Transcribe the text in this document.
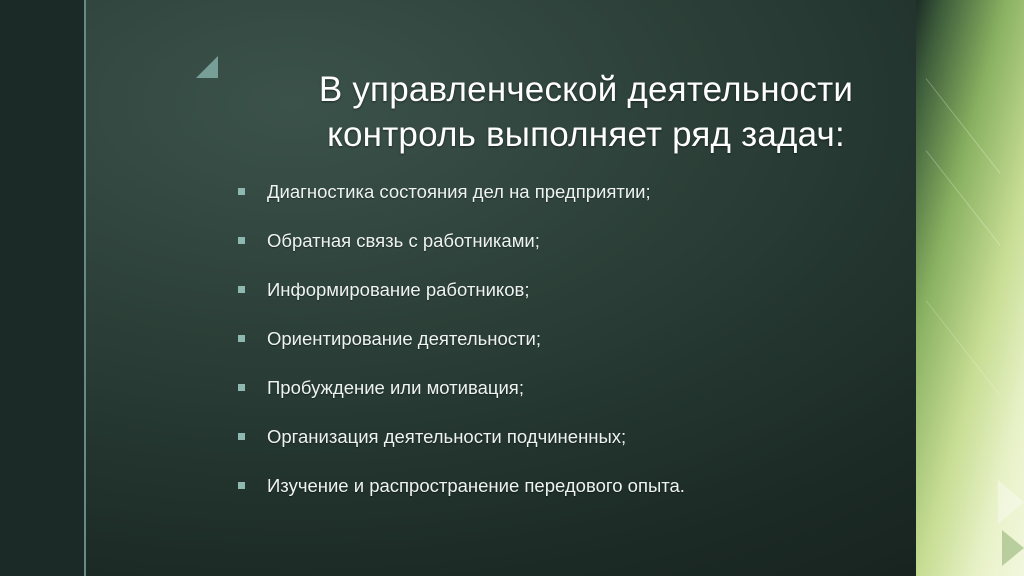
В управленческой деятельности
контроль выполняет ряд задач:
Диагностика состояния дел на предприятии;
Обратная связь с работниками;
Информирование работников;
Ориентирование деятельности;
Пробуждение или мотивация;
Организация деятельности подчиненных;
Изучение и распространение передового опыта.
